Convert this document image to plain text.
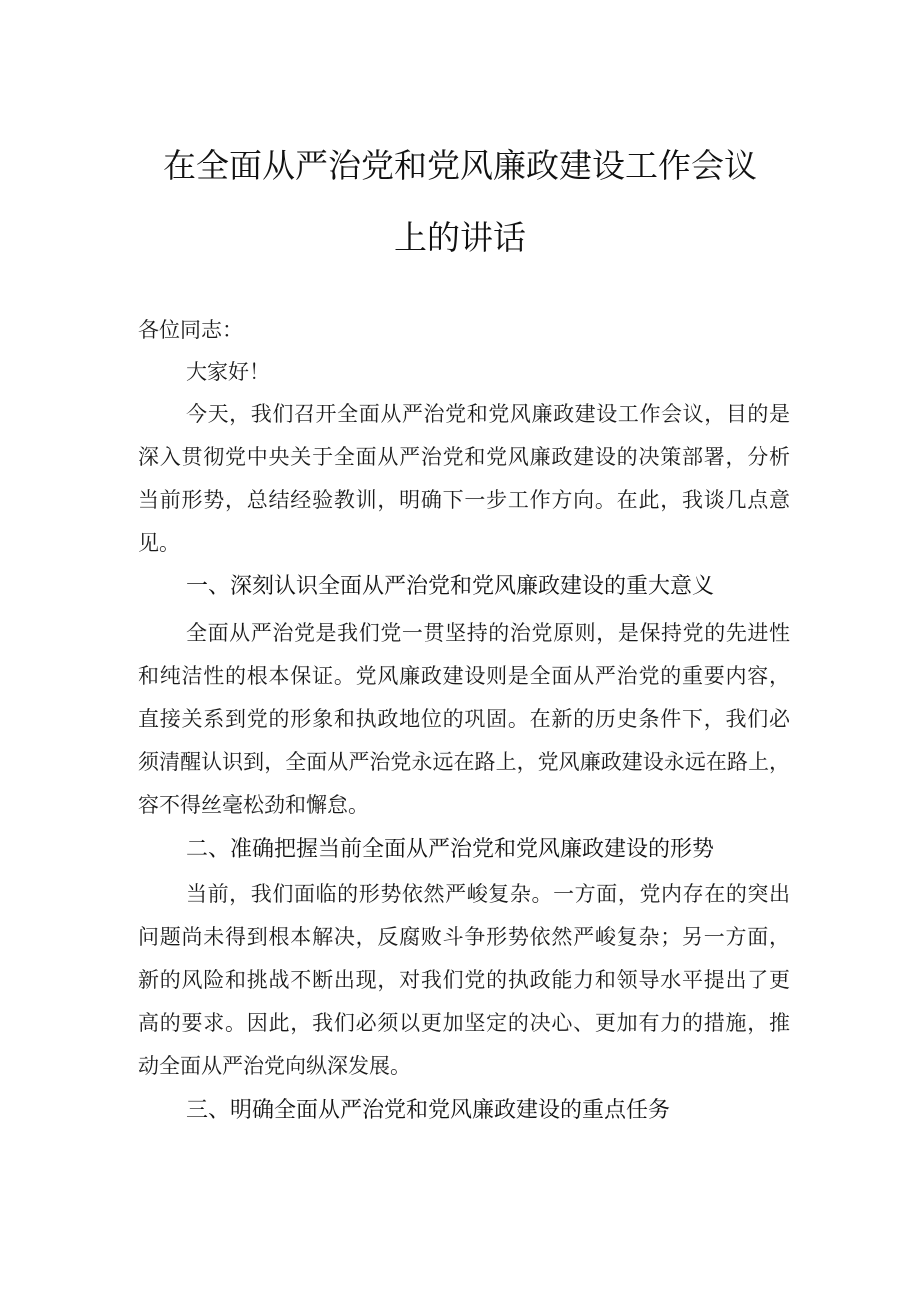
在全面从严治党和党风廉政建设工作会议
上的讲话
各位同志：
大家好！
今天，我们召开全面从严治党和党风廉政建设工作会议，目的是
深入贯彻党中央关于全面从严治党和党风廉政建设的决策部署，分析
当前形势，总结经验教训，明确下一步工作方向。在此，我谈几点意
见。
一、深刻认识全面从严治党和党风廉政建设的重大意义
全面从严治党是我们党一贯坚持的治党原则，是保持党的先进性
和纯洁性的根本保证。党风廉政建设则是全面从严治党的重要内容，
直接关系到党的形象和执政地位的巩固。在新的历史条件下，我们必
须清醒认识到，全面从严治党永远在路上，党风廉政建设永远在路上，
容不得丝毫松劲和懈怠。
二、准确把握当前全面从严治党和党风廉政建设的形势
当前，我们面临的形势依然严峻复杂。一方面，党内存在的突出
问题尚未得到根本解决，反腐败斗争形势依然严峻复杂；另一方面，
新的风险和挑战不断出现，对我们党的执政能力和领导水平提出了更
高的要求。因此，我们必须以更加坚定的决心、更加有力的措施，推
动全面从严治党向纵深发展。
三、明确全面从严治党和党风廉政建设的重点任务
